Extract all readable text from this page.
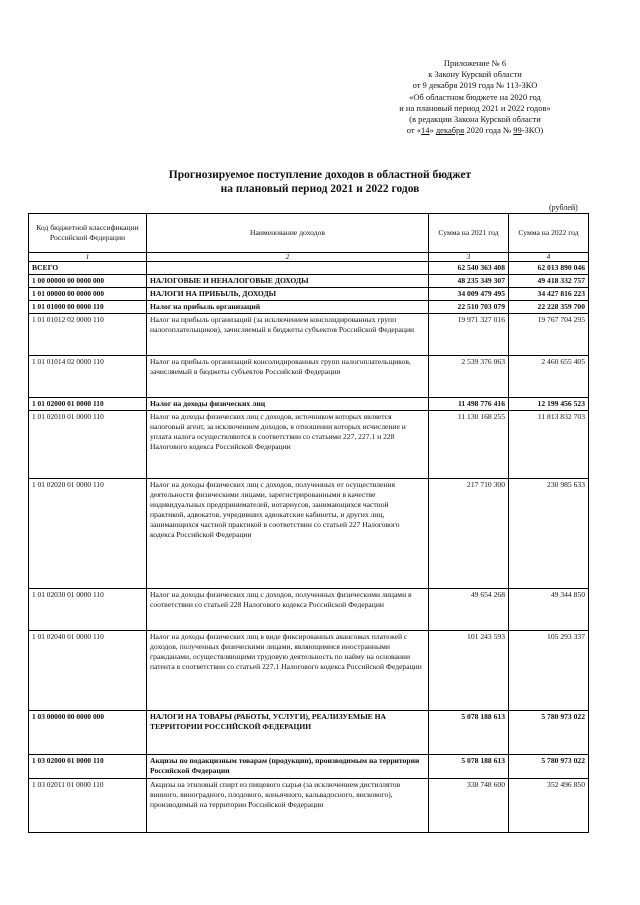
Приложение № 6
к Закону Курской области
от 9 декабря 2019 года № 113-ЗКО
«Об областном бюджете на 2020 год
и на плановый период 2021 и 2022 годов»
(в редакции Закона Курской области
от «14» декабря 2020 года № 99-ЗКО)
Прогнозируемое поступление доходов в областной бюджет
на плановый период 2021 и 2022 годов
(рублей)
Код бюджетной классификации Российской Федерации	Наименование доходов	Сумма на 2021 год	Сумма на 2022 год
1	2	3	4
ВСЕГО		62 540 363 408	62 013 890 046
1 00 00000 00 0000 000	НАЛОГОВЫЕ И НЕНАЛОГОВЫЕ ДОХОДЫ	48 235 349 307	49 418 332 757
1 01 00000 00 0000 000	НАЛОГИ НА ПРИБЫЛЬ, ДОХОДЫ	34 009 479 495	34 427 816 223
1 01 01000 00 0000 110	Налог на прибыль организаций	22 510 703 079	22 228 359 700
1 01 01012 02 0000 110	Налог на прибыль организаций (за исключением консолидированных групп налогоплательщиков), зачисляемый в бюджеты субъектов Российской Федерации	19 971 327 016	19 767 704 295
1 01 01014 02 0000 110	Налог на прибыль организаций консолидированных групп налогоплательщиков, зачисляемый в бюджеты субъектов Российской Федерации	2 539 376 063	2 460 655 405
1 01 02000 01 0000 110	Налог на доходы физических лиц	11 498 776 416	12 199 456 523
1 01 02010 01 0000 110	Налог на доходы физических лиц с доходов, источником которых является налоговый агент, за исключением доходов, в отношении которых исчисление и уплата налога осуществляются в соответствии со статьями 227, 227.1 и 228 Налогового кодекса Российской Федерации	11 130 168 255	11 813 832 703
1 01 02020 01 0000 110	Налог на доходы физических лиц с доходов, полученных от осуществления деятельности физическими лицами, зарегистрированными в качестве индивидуальных предпринимателей, нотариусов, занимающихся частной практикой, адвокатов, учредивших адвокатские кабинеты, и других лиц, занимающихся частной практикой в соответствии со статьей 227 Налогового кодекса Российской Федерации	217 710 300	230 985 633
1 01 02030 01 0000 110	Налог на доходы физических лиц с доходов, полученных физическими лицами в соответствии со статьей 228 Налогового кодекса Российской Федерации	49 654 268	49 344 850
1 01 02040 01 0000 110	Налог на доходы физических лиц в виде фиксированных авансовых платежей с доходов, полученных физическими лицами, являющимися иностранными гражданами, осуществляющими трудовую деятельность по найму на основании патента в соответствии со статьей 227.1 Налогового кодекса Российской Федерации	101 243 593	105 293 337
1 03 00000 00 0000 000	НАЛОГИ НА ТОВАРЫ (РАБОТЫ, УСЛУГИ), РЕАЛИЗУЕМЫЕ НА ТЕРРИТОРИИ РОССИЙСКОЙ ФЕДЕРАЦИИ	5 078 188 613	5 780 973 022
1 03 02000 01 0000 110	Акцизы по подакцизным товарам (продукции), производимым на территории Российской Федерации	5 078 188 613	5 780 973 022
1 03 02011 01 0000 110	Акцизы на этиловый спирт из пищевого сырья (за исключением дистиллятов винного, виноградного, плодового, коньячного, кальвадосного, вискового), производимый на территории Российской Федерации	338 748 600	352 496 850
